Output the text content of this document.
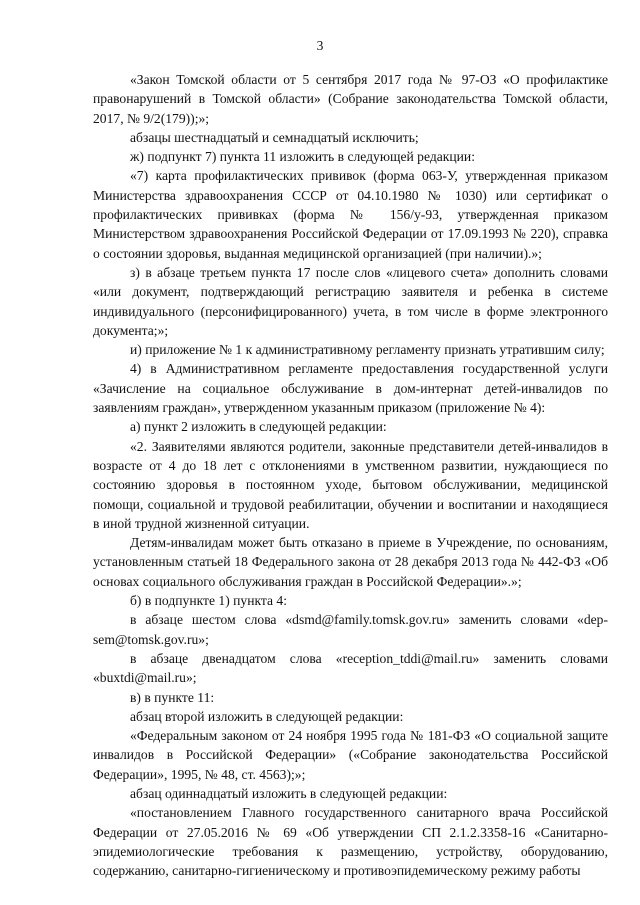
3

«Закон Томской области от 5 сентября 2017 года № 97-ОЗ «О профилактике правонарушений в Томской области» (Собрание законодательства Томской области, 2017, № 9/2(179));»;

абзацы шестнадцатый и семнадцатый исключить;

ж) подпункт 7) пункта 11 изложить в следующей редакции:

«7) карта профилактических прививок (форма 063-У, утвержденная приказом Министерства здравоохранения СССР от 04.10.1980 № 1030) или сертификат о профилактических прививках (форма № 156/у-93, утвержденная приказом Министерством здравоохранения Российской Федерации от 17.09.1993 № 220), справка о состоянии здоровья, выданная медицинской организацией (при наличии).»;

з) в абзаце третьем пункта 17 после слов «лицевого счета» дополнить словами «или документ, подтверждающий регистрацию заявителя и ребенка в системе индивидуального (персонифицированного) учета, в том числе в форме электронного документа;»;

и) приложение № 1 к административному регламенту признать утратившим силу;

4) в Административном регламенте предоставления государственной услуги «Зачисление на социальное обслуживание в дом-интернат детей-инвалидов по заявлениям граждан», утвержденном указанным приказом (приложение № 4):

а) пункт 2 изложить в следующей редакции:

«2. Заявителями являются родители, законные представители детей-инвалидов в возрасте от 4 до 18 лет с отклонениями в умственном развитии, нуждающиеся по состоянию здоровья в постоянном уходе, бытовом обслуживании, медицинской помощи, социальной и трудовой реабилитации, обучении и воспитании и находящиеся в иной трудной жизненной ситуации.

Детям-инвалидам может быть отказано в приеме в Учреждение, по основаниям, установленным статьей 18 Федерального закона от 28 декабря 2013 года № 442-ФЗ «Об основах социального обслуживания граждан в Российской Федерации».»;

б) в подпункте 1) пункта 4:

в абзаце шестом слова «dsmd@family.tomsk.gov.ru» заменить словами «dep-sem@tomsk.gov.ru»;

в абзаце двенадцатом слова «reception_tddi@mail.ru» заменить словами «buxtdi@mail.ru»;

в) в пункте 11:

абзац второй изложить в следующей редакции:

«Федеральным законом от 24 ноября 1995 года № 181-ФЗ «О социальной защите инвалидов в Российской Федерации» («Собрание законодательства Российской Федерации», 1995, № 48, ст. 4563);»;

абзац одиннадцатый изложить в следующей редакции:

«постановлением Главного государственного санитарного врача Российской Федерации от 27.05.2016 № 69 «Об утверждении СП 2.1.2.3358-16 «Санитарно-эпидемиологические требования к размещению, устройству, оборудованию, содержанию, санитарно-гигиеническому и противоэпидемическому режиму работы
